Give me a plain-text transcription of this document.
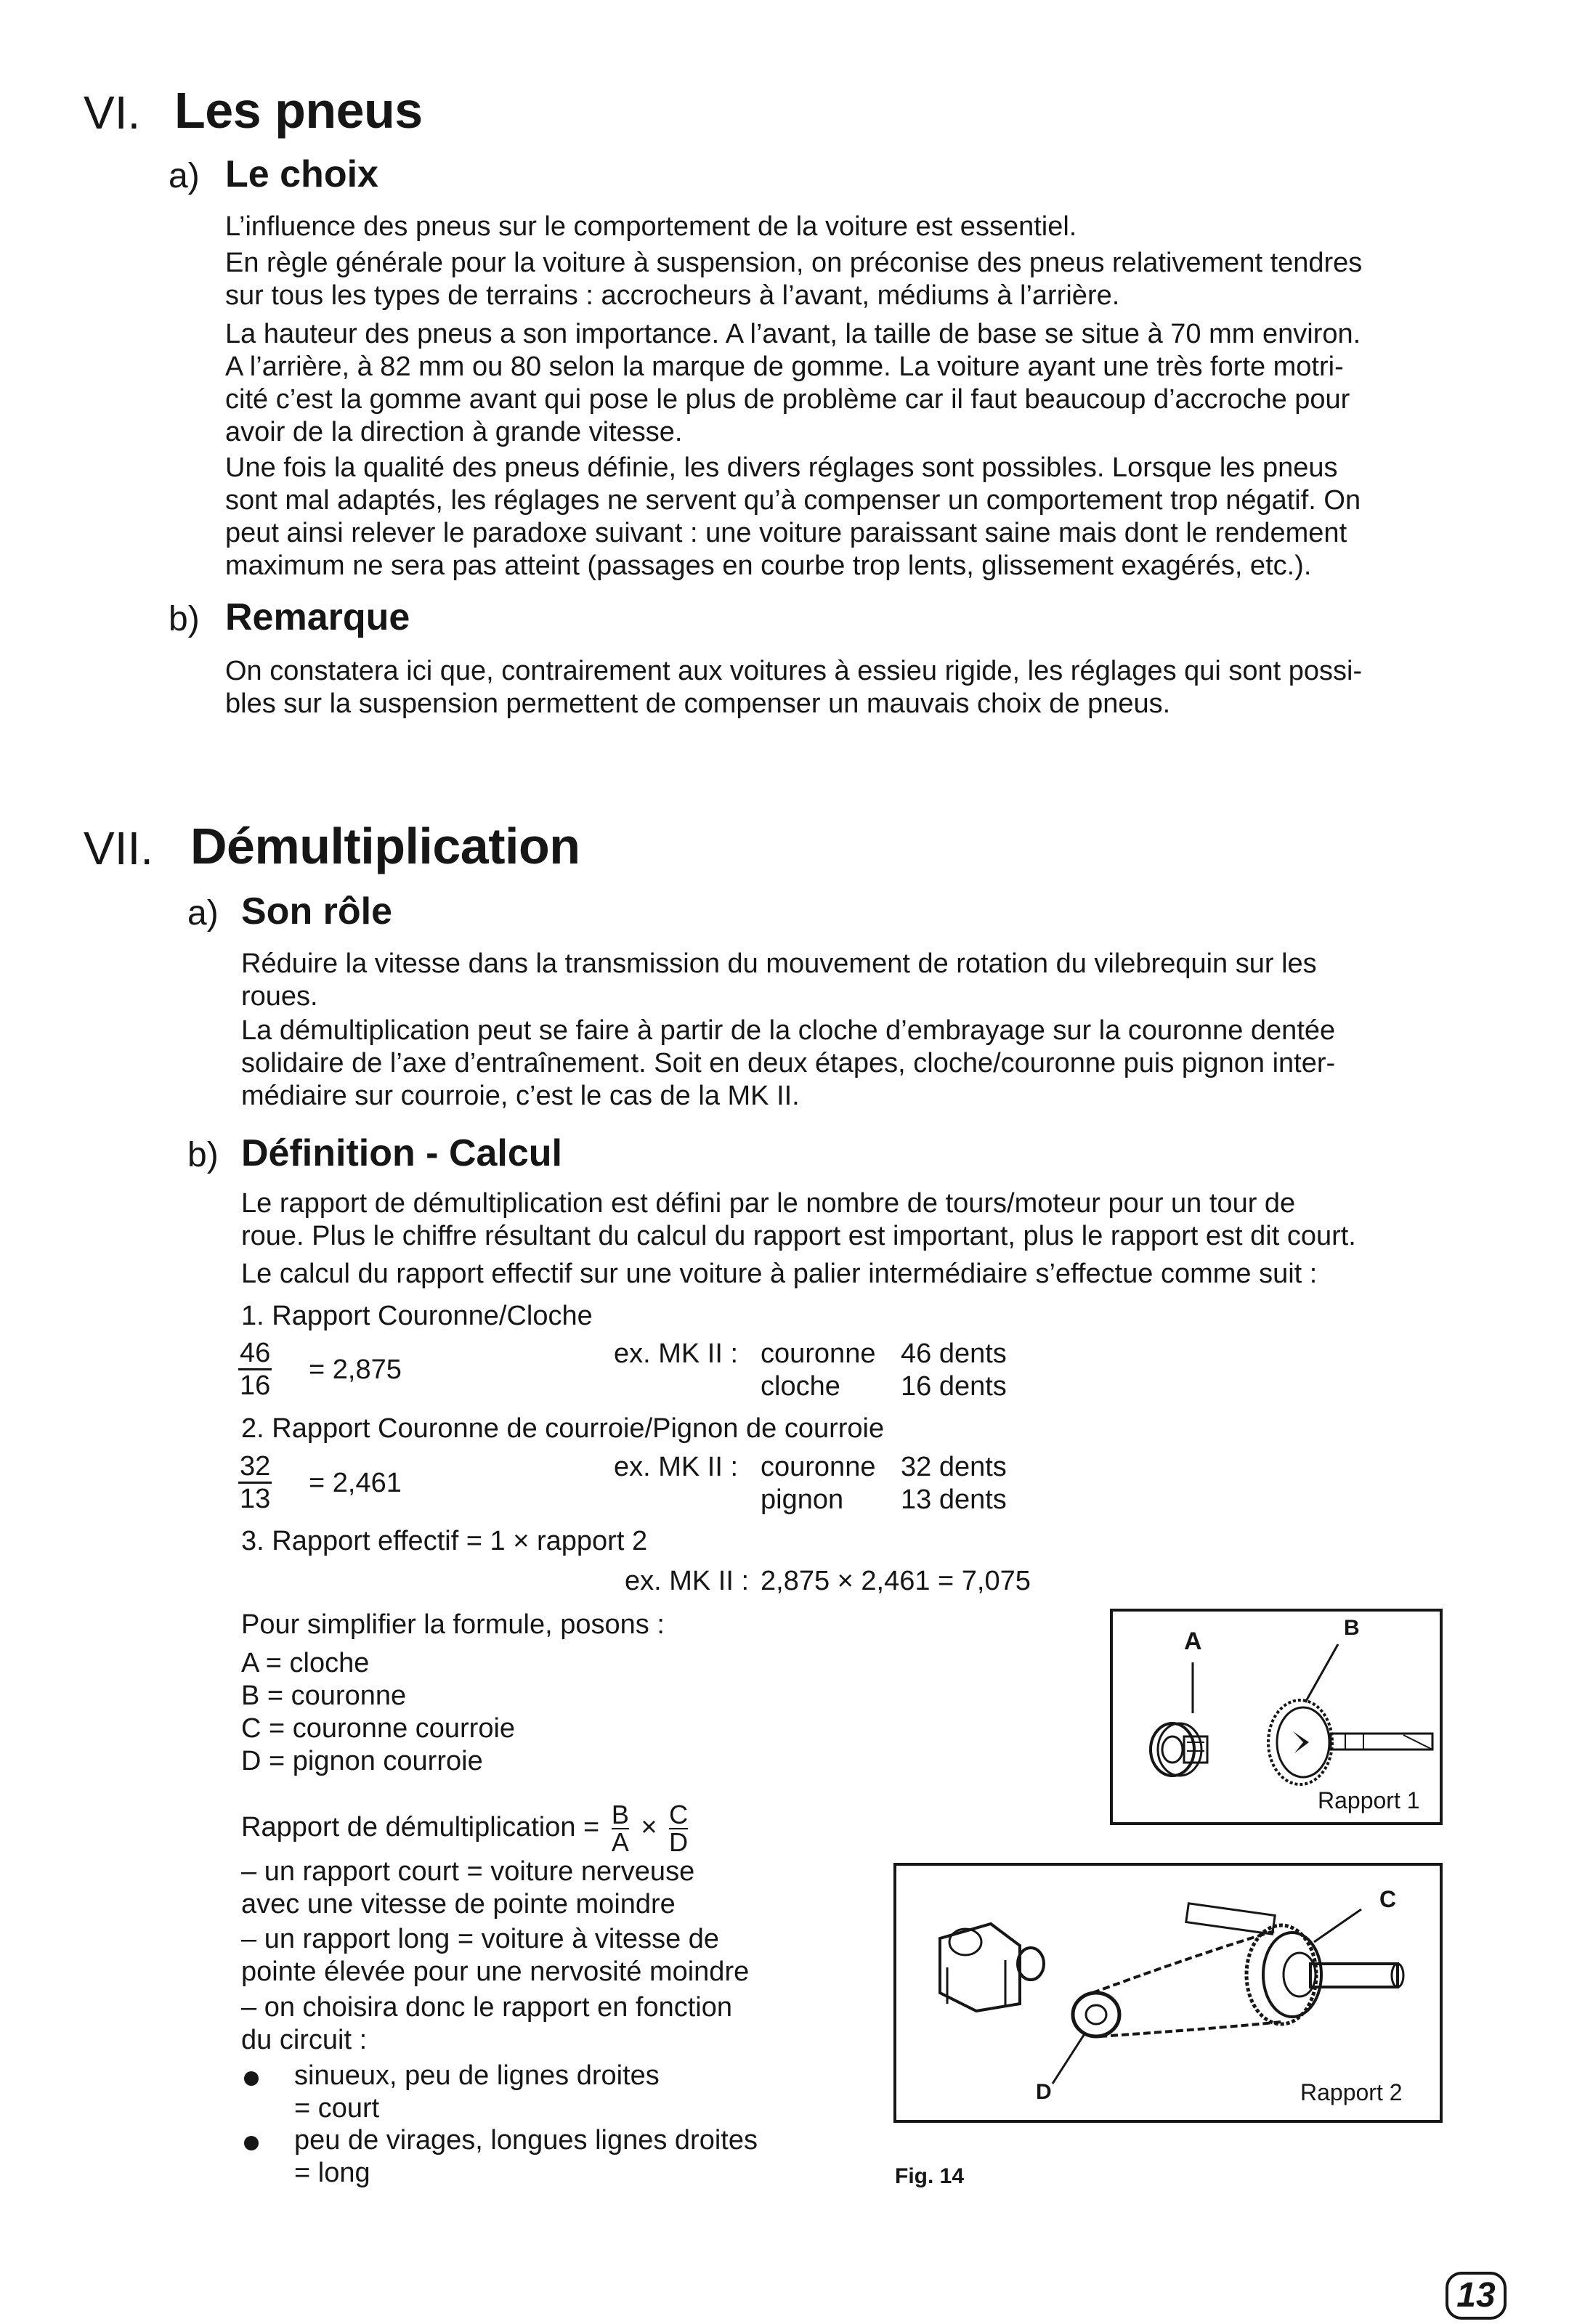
VI. Les pneus
a) Le choix

L’influence des pneus sur le comportement de la voiture est essentiel.

En règle générale pour la voiture à suspension, on préconise des pneus relativement tendres
sur tous les types de terrains : accrocheurs à l’avant, médiums à l’arrière.

La hauteur des pneus a son importance. A l’avant, la taille de base se situe à 70 mm environ.
A l’arrière, à 82 mm ou 80 selon la marque de gomme. La voiture ayant une très forte motri-
cité c’est la gomme avant qui pose le plus de problème car il faut beaucoup d’accroche pour
avoir de la direction à grande vitesse.

Une fois la qualité des pneus définie, les divers réglages sont possibles. Lorsque les pneus
sont mal adaptés, les réglages ne servent qu’à compenser un comportement trop négatif. On
peut ainsi relever le paradoxe suivant : une voiture paraissant saine mais dont le rendement
maximum ne sera pas atteint (passages en courbe trop lents, glissement exagérés, etc.).

b) Remarque

On constatera ici que, contrairement aux voitures à essieu rigide, les réglages qui sont possi-
bles sur la suspension permettent de compenser un mauvais choix de pneus.

VII. Démultiplication
a) Son rôle

Réduire la vitesse dans la transmission du mouvement de rotation du vilebrequin sur les
roues.

La démultiplication peut se faire à partir de la cloche d’embrayage sur la couronne dentée
solidaire de l’axe d’entraînement. Soit en deux étapes, cloche/couronne puis pignon inter-
médiaire sur courroie, c’est le cas de la MK II.

b) Définition - Calcul

Le rapport de démultiplication est défini par le nombre de tours/moteur pour un tour de
roue. Plus le chiffre résultant du calcul du rapport est important, plus le rapport est dit court.

Le calcul du rapport effectif sur une voiture à palier intermédiaire s’effectue comme suit :

1. Rapport Couronne/Cloche
$\frac{46}{16} = 2,875$
ex. MK II : couronne 46 dents
cloche 16 dents
2. Rapport Couronne de courroie/Pignon de courroie
$\frac{32}{13} = 2,461$
ex. MK II : couronne 32 dents
pignon 13 dents
3. Rapport effectif = 1 × rapport 2
ex. MK II : 2,875 × 2,461 = 7,075
Pour simplifier la formule, posons :
A = cloche
B = couronne
C = couronne courroie
D = pignon courroie
Rapport de démultiplication = $\frac{B}{A} \times \frac{C}{D}$

– un rapport court = voiture nerveuse
avec une vitesse de pointe moindre

– un rapport long = voiture à vitesse de
pointe élevée pour une nervosité moindre

– on choisira donc le rapport en fonction
du circuit :

sinueux, peu de lignes droites
= court

peu de virages, longues lignes droites
= long

A	B
Rapport 1
C
D	Rapport 2
Fig. 14
13
